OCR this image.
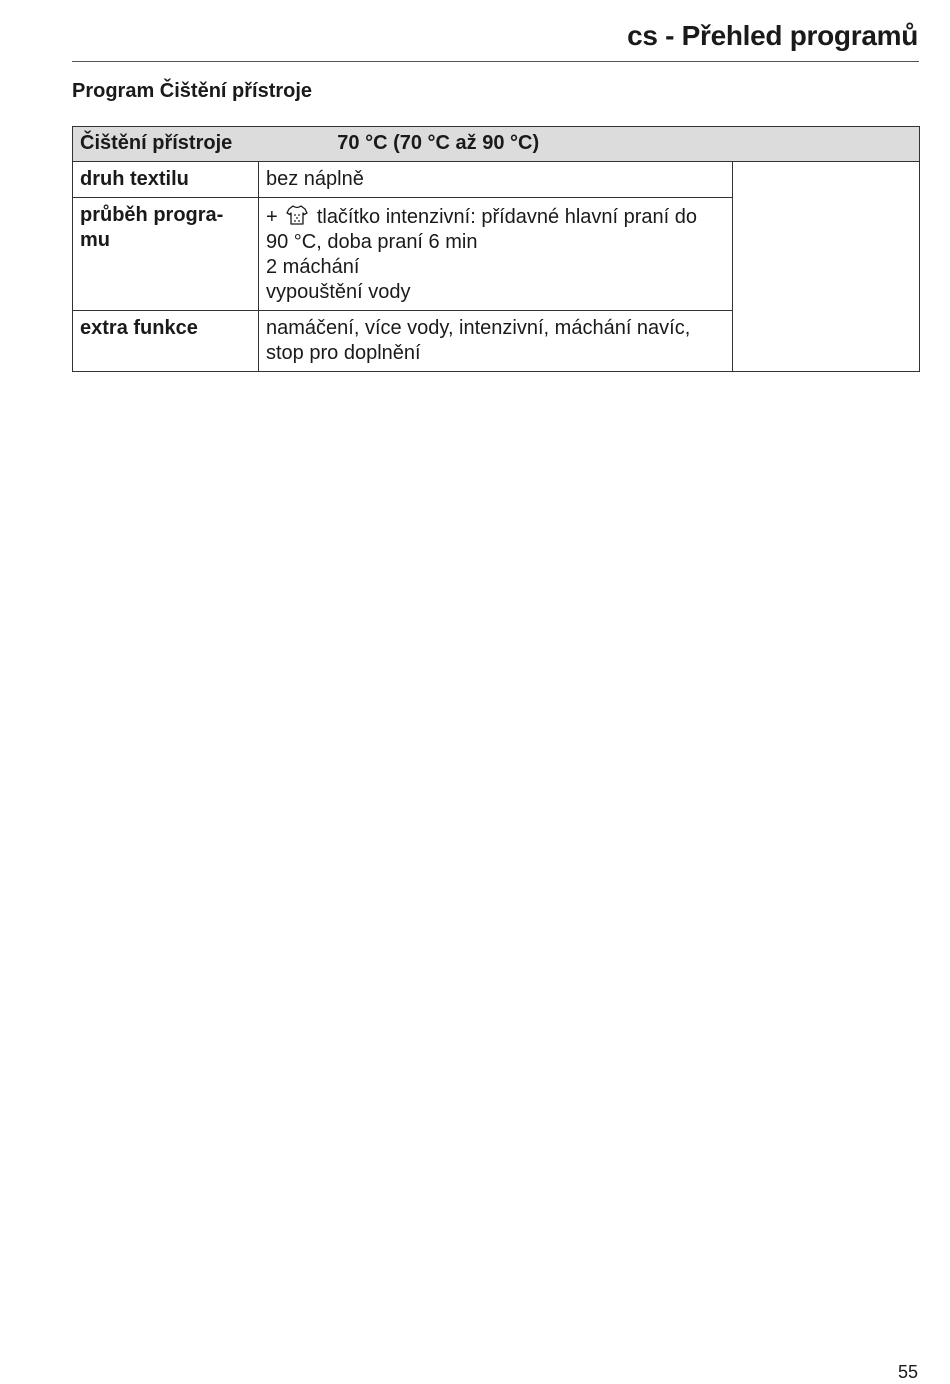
cs - Přehled programů
Program Čištění přístroje
Čištění přístroje 70 °C (70 °C až 90 °C)		
druh textilu	bez náplně	

průběh progra-
mu	+ tlačítko intenzivní: přídavné hlavní praní do
90 °C, doba praní 6 min
2 máchání
vypouštění vody	

extra funkce	namáčení, více vody, intenzivní, máchání navíc,
stop pro doplnění	
55
